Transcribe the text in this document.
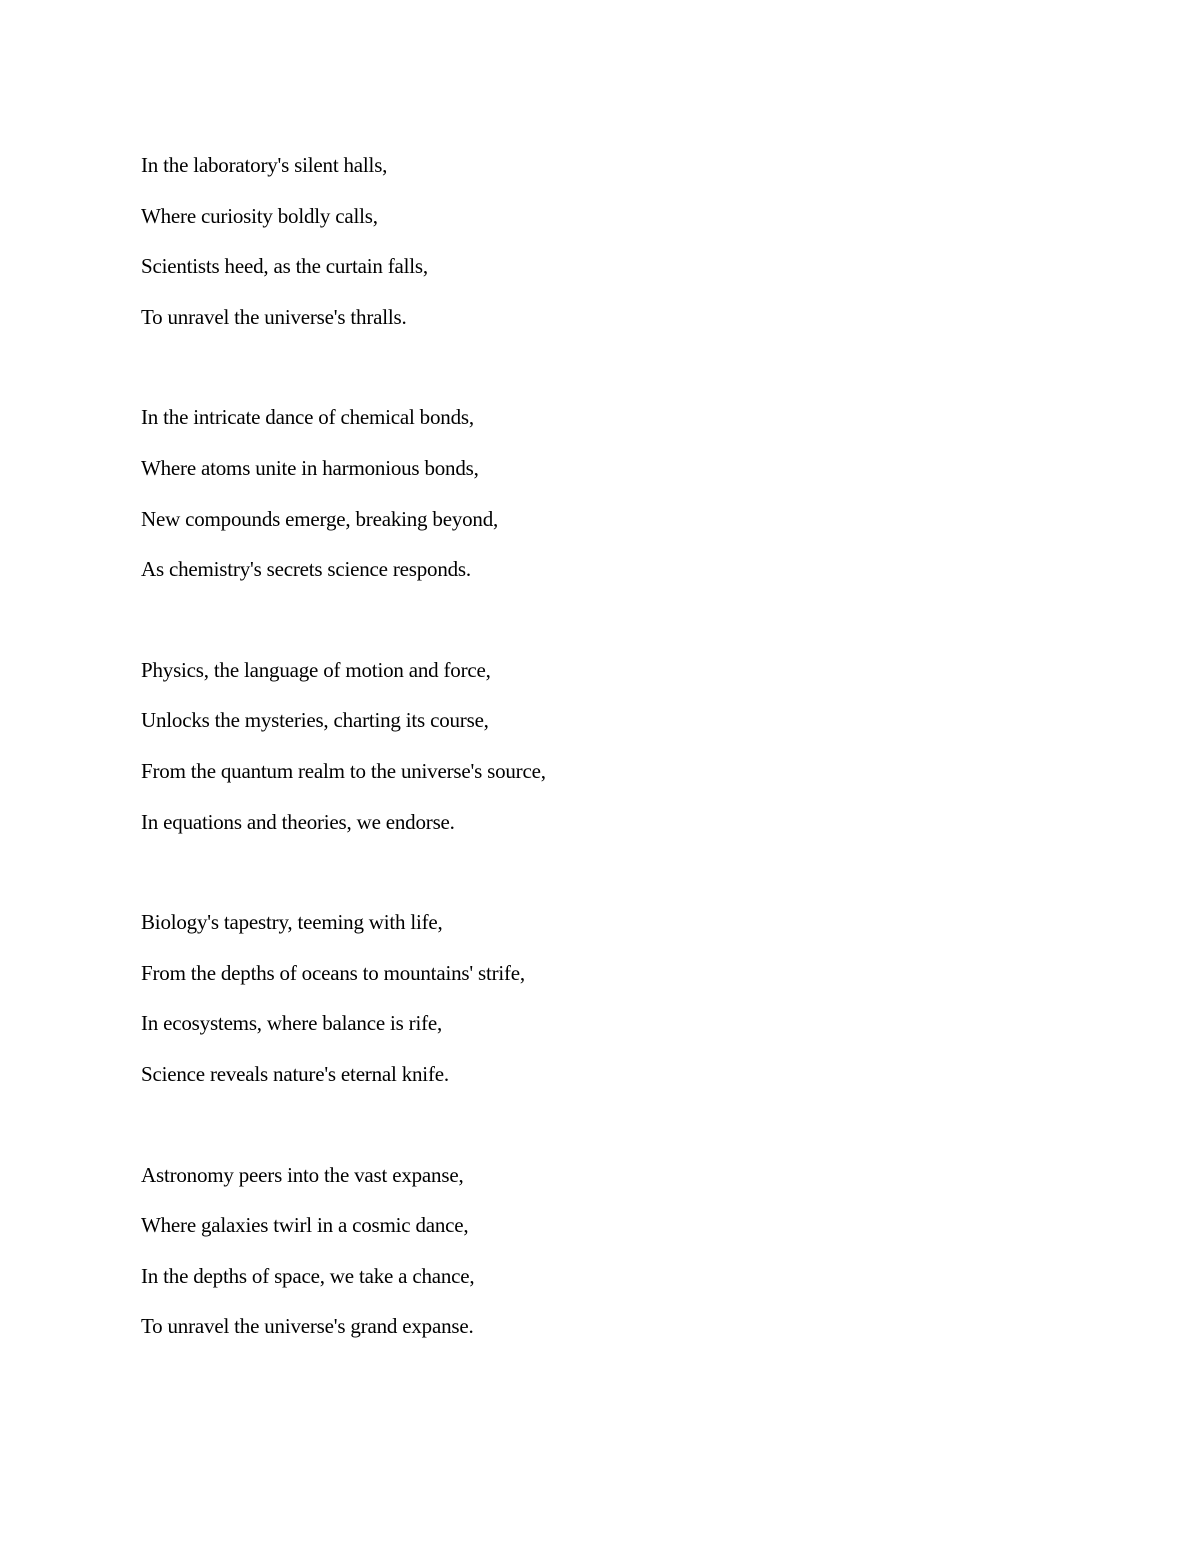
In the laboratory's silent halls,
Where curiosity boldly calls,
Scientists heed, as the curtain falls,
To unravel the universe's thralls.
In the intricate dance of chemical bonds,
Where atoms unite in harmonious bonds,
New compounds emerge, breaking beyond,
As chemistry's secrets science responds.
Physics, the language of motion and force,
Unlocks the mysteries, charting its course,
From the quantum realm to the universe's source,
In equations and theories, we endorse.
Biology's tapestry, teeming with life,
From the depths of oceans to mountains' strife,
In ecosystems, where balance is rife,
Science reveals nature's eternal knife.
Astronomy peers into the vast expanse,
Where galaxies twirl in a cosmic dance,
In the depths of space, we take a chance,
To unravel the universe's grand expanse.
